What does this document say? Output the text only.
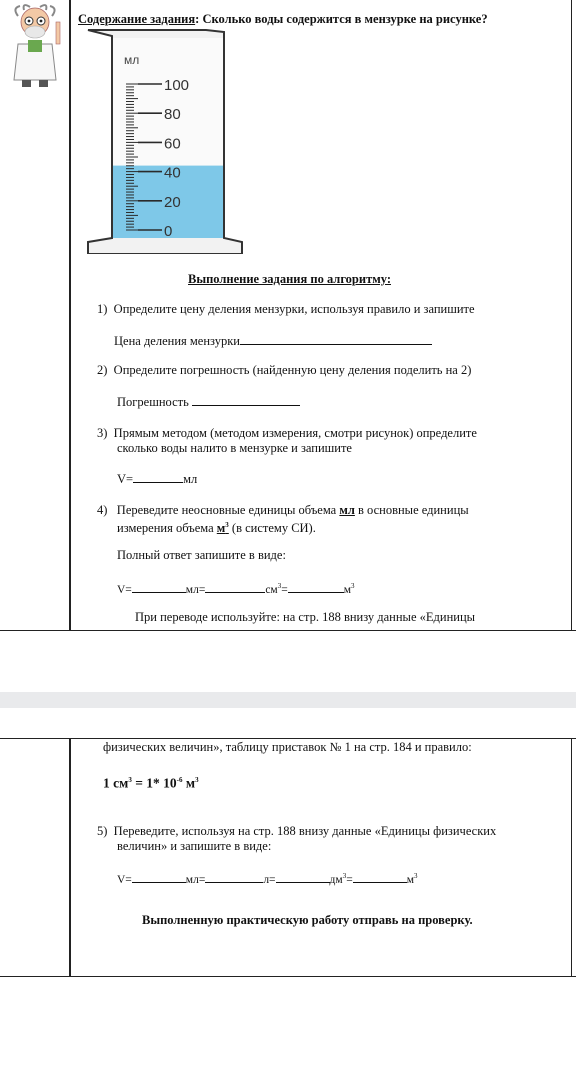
Содержание задания: Сколько воды содержится в мензурке на рисунке?
100
80
60
40
20
0
мл
Выполнение задания по алгоритму:
1) Определите цену деления мензурки, используя правило и запишите
Цена деления мензурки
2) Определите погрешность (найденную цену деления поделить на 2)
Погрешность
3) Прямым методом (методом измерения, смотри рисунок) определите
сколько воды налито в мензурке и запишите
V=	мл
4) Переведите неосновные единицы объема мл в основные единицы
измерения объема $м^3$ (в систему СИ).
Полный ответ запишите в виде:
V=	мл=	$см^3=$	$м^3$
При переводе используйте: на стр. 188 внизу данные «Единицы
физических величин», таблицу приставок № 1 на стр. 184 и правило:
1 $см^3 = 1*$ $10^{-6}$ $м^3$
5) Переведите, используя на стр. 188 внизу данные «Единицы физических
величин» и запишите в виде:
V=	мл=	л=	$дм^3=$	$м^3$
Выполненную практическую работу отправь на проверку.
